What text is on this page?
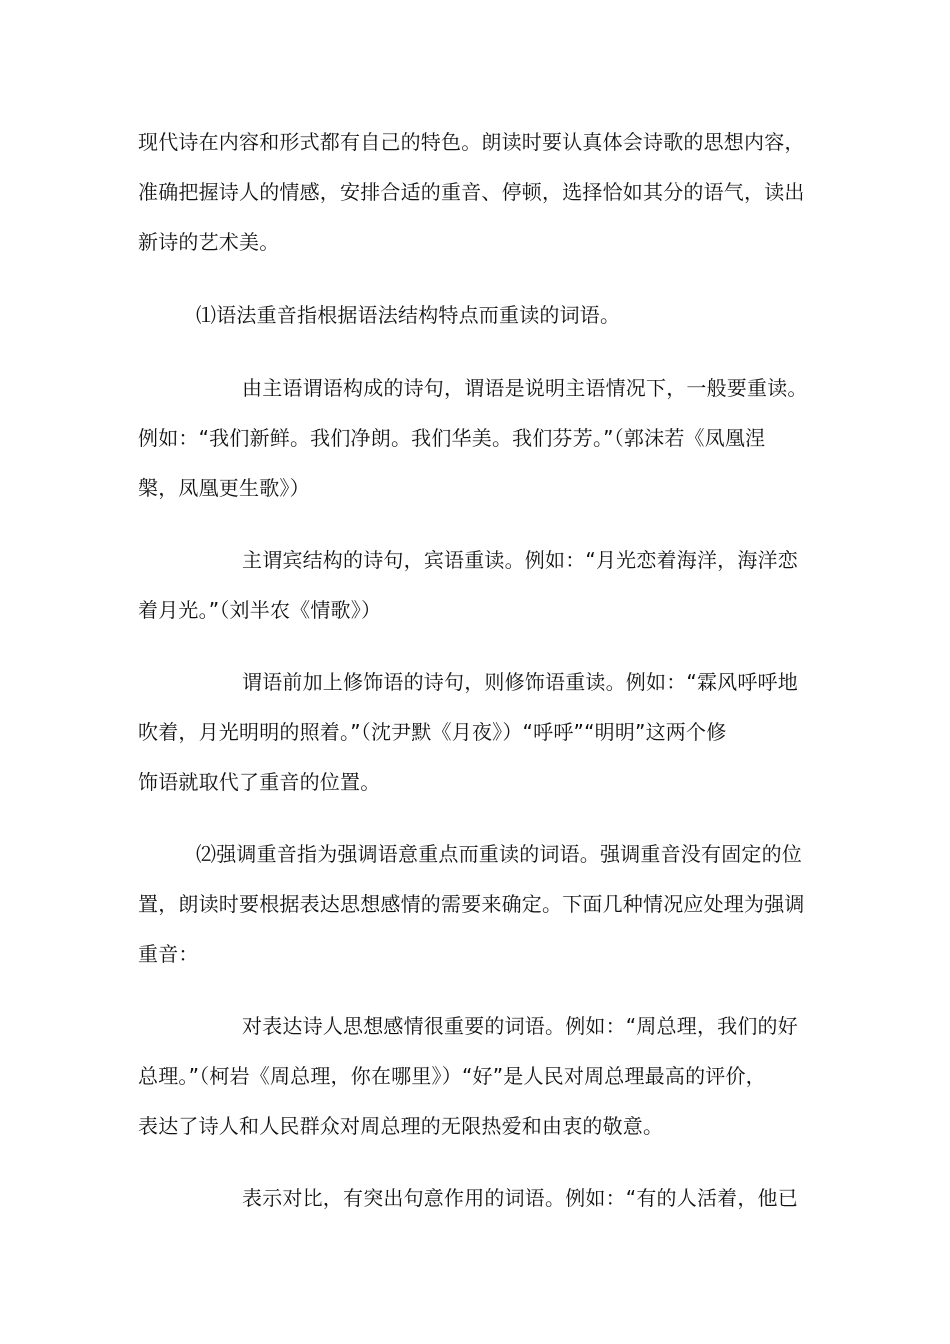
现代诗在内容和形式都有自己的特色。朗读时要认真体会诗歌的思想内容，
准确把握诗人的情感，安排合适的重音、停顿，选择恰如其分的语气，读出
新诗的艺术美。
⑴语法重音指根据语法结构特点而重读的词语。
由主语谓语构成的诗句，谓语是说明主语情况下，一般要重读。
例如：“我们新鲜。我们净朗。我们华美。我们芬芳。”（郭沫若《凤凰涅
槃，凤凰更生歌》）
主谓宾结构的诗句，宾语重读。例如：“月光恋着海洋，海洋恋
着月光。”（刘半农《情歌》）
谓语前加上修饰语的诗句，则修饰语重读。例如：“霖风呼呼地
吹着，月光明明的照着。”（沈尹默《月夜》）“呼呼”“明明”这两个修
饰语就取代了重音的位置。
⑵强调重音指为强调语意重点而重读的词语。强调重音没有固定的位
置，朗读时要根据表达思想感情的需要来确定。下面几种情况应处理为强调
重音：
对表达诗人思想感情很重要的词语。例如：“周总理，我们的好
总理。”（柯岩《周总理，你在哪里》）“好”是人民对周总理最高的评价，
表达了诗人和人民群众对周总理的无限热爱和由衷的敬意。
表示对比，有突出句意作用的词语。例如：“有的人活着，他已
